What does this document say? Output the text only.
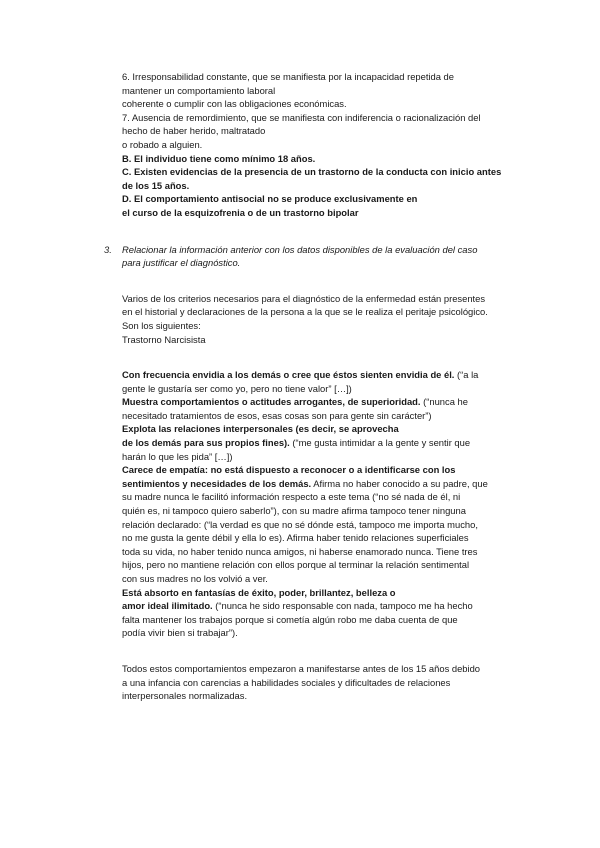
6. Irresponsabilidad constante, que se manifiesta por la incapacidad repetida de

mantener un comportamiento laboral

coherente o cumplir con las obligaciones económicas.

7. Ausencia de remordimiento, que se manifiesta con indiferencia o racionalización del

hecho de haber herido, maltratado

o robado a alguien.

B. El individuo tiene como mínimo 18 años.

C. Existen evidencias de la presencia de un trastorno de la conducta con inicio antes

de los 15 años.

D. El comportamiento antisocial no se produce exclusivamente en

el curso de la esquizofrenia o de un trastorno bipolar

3. Relacionar la información anterior con los datos disponibles de la evaluación del caso

para justificar el diagnóstico.

Varios de los criterios necesarios para el diagnóstico de la enfermedad están presentes

en el historial y declaraciones de la persona a la que se le realiza el peritaje psicológico.

Son los siguientes:

Trastorno Narcisista

Con frecuencia envidia a los demás o cree que éstos sienten envidia de él. (“a la

gente le gustaría ser como yo, pero no tiene valor” […])

Muestra comportamientos o actitudes arrogantes, de superioridad. (“nunca he

necesitado tratamientos de esos, esas cosas son para gente sin carácter”)

Explota las relaciones interpersonales (es decir, se aprovecha

de los demás para sus propios fines). (“me gusta intimidar a la gente y sentir que

harán lo que les pida” […])

Carece de empatía: no está dispuesto a reconocer o a identificarse con los

sentimientos y necesidades de los demás. Afirma no haber conocido a su padre, que

su madre nunca le facilitó información respecto a este tema (“no sé nada de él, ni

quién es, ni tampoco quiero saberlo”), con su madre afirma tampoco tener ninguna

relación declarado: (“la verdad es que no sé dónde está, tampoco me importa mucho,

no me gusta la gente débil y ella lo es). Afirma haber tenido relaciones superficiales

toda su vida, no haber tenido nunca amigos, ni haberse enamorado nunca. Tiene tres

hijos, pero no mantiene relación con ellos porque al terminar la relación sentimental

con sus madres no los volvió a ver.

Está absorto en fantasías de éxito, poder, brillantez, belleza o

amor ideal ilimitado. (“nunca he sido responsable con nada, tampoco me ha hecho

falta mantener los trabajos porque si cometía algún robo me daba cuenta de que

podía vivir bien si trabajar”).

Todos estos comportamientos empezaron a manifestarse antes de los 15 años debido

a una infancia con carencias a habilidades sociales y dificultades de relaciones

interpersonales normalizadas.
